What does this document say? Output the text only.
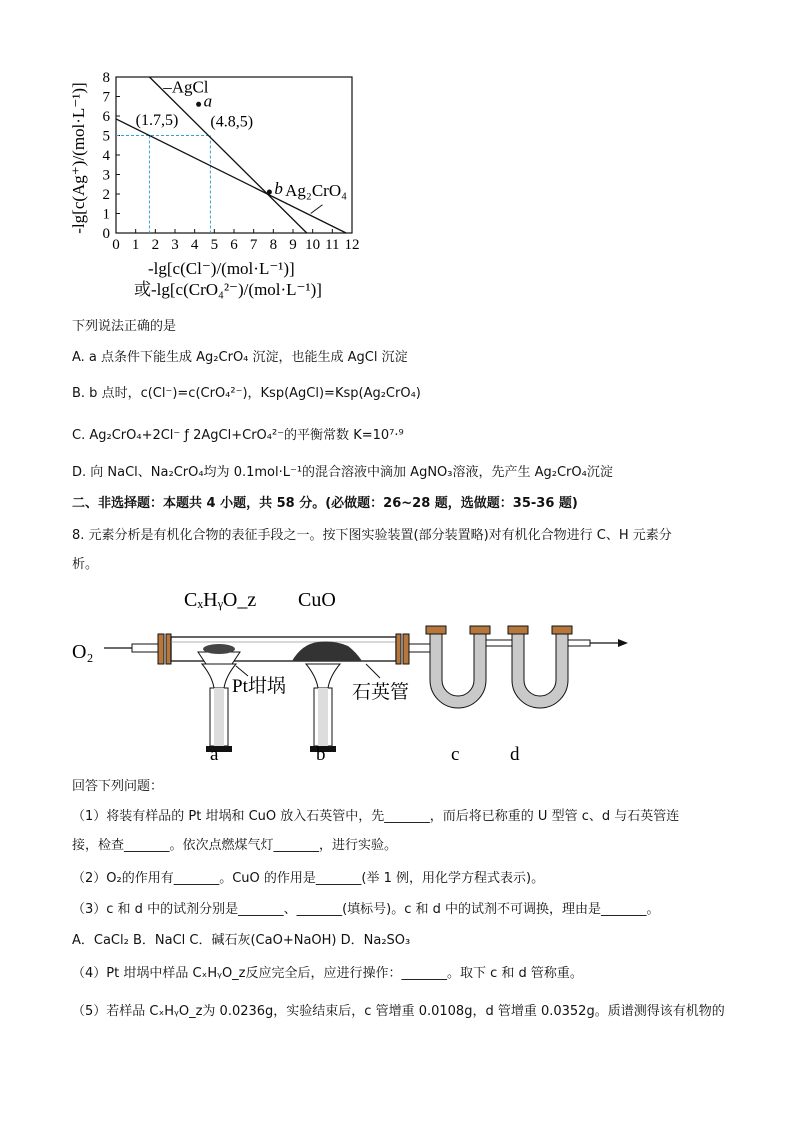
0 1 2 3 4 5 6 7 8 9 10 11 12
0
1
2
3
4
5
6
7
8	–AgCl
Ag₂CrO₄
a
b
(1.7,5) (4.8,5)
-lg[c(Ag⁺)/(mol·L⁻¹)]
-lg[c(Cl⁻)/(mol·L⁻¹)]
或-lg[c(CrO₄²⁻)/(mol·L⁻¹)]
下列说法正确的是
A. a 点条件下能生成 Ag₂CrO₄ 沉淀，也能生成 AgCl 沉淀
B. b 点时，c(Cl⁻)=c(CrO₄²⁻)，Ksp(AgCl)=Ksp(Ag₂CrO₄)
C. Ag₂CrO₄+2Cl⁻ ƒ 2AgCl+CrO₄²⁻的平衡常数 K=10⁷·⁹
D. 向 NaCl、Na₂CrO₄均为 0.1mol·L⁻¹的混合溶液中滴加 AgNO₃溶液，先产生 Ag₂CrO₄沉淀
二、非选择题：本题共 4 小题，共 58 分。(必做题：26~28 题，选做题：35-36 题)
8. 元素分析是有机化合物的表征手段之一。按下图实验装置(部分装置略)对有机化合物进行 C、H 元素分
析。
O₂
CₓHᵧO_z CuO
Pt坩埚	石英管
a	b	c	d
回答下列问题：
（1）将装有样品的 Pt 坩埚和 CuO 放入石英管中，先_______，而后将已称重的 U 型管 c、d 与石英管连
接，检查_______。依次点燃煤气灯_______，进行实验。
（2）O₂的作用有_______。CuO 的作用是_______(举 1 例，用化学方程式表示)。
（3）c 和 d 中的试剂分别是_______、_______(填标号)。c 和 d 中的试剂不可调换，理由是_______。
A．CaCl₂ B．NaCl C．碱石灰(CaO+NaOH) D．Na₂SO₃
（4）Pt 坩埚中样品 CₓHᵧO_z反应完全后，应进行操作：_______。取下 c 和 d 管称重。
（5）若样品 CₓHᵧO_z为 0.0236g，实验结束后，c 管增重 0.0108g，d 管增重 0.0352g。质谱测得该有机物的
